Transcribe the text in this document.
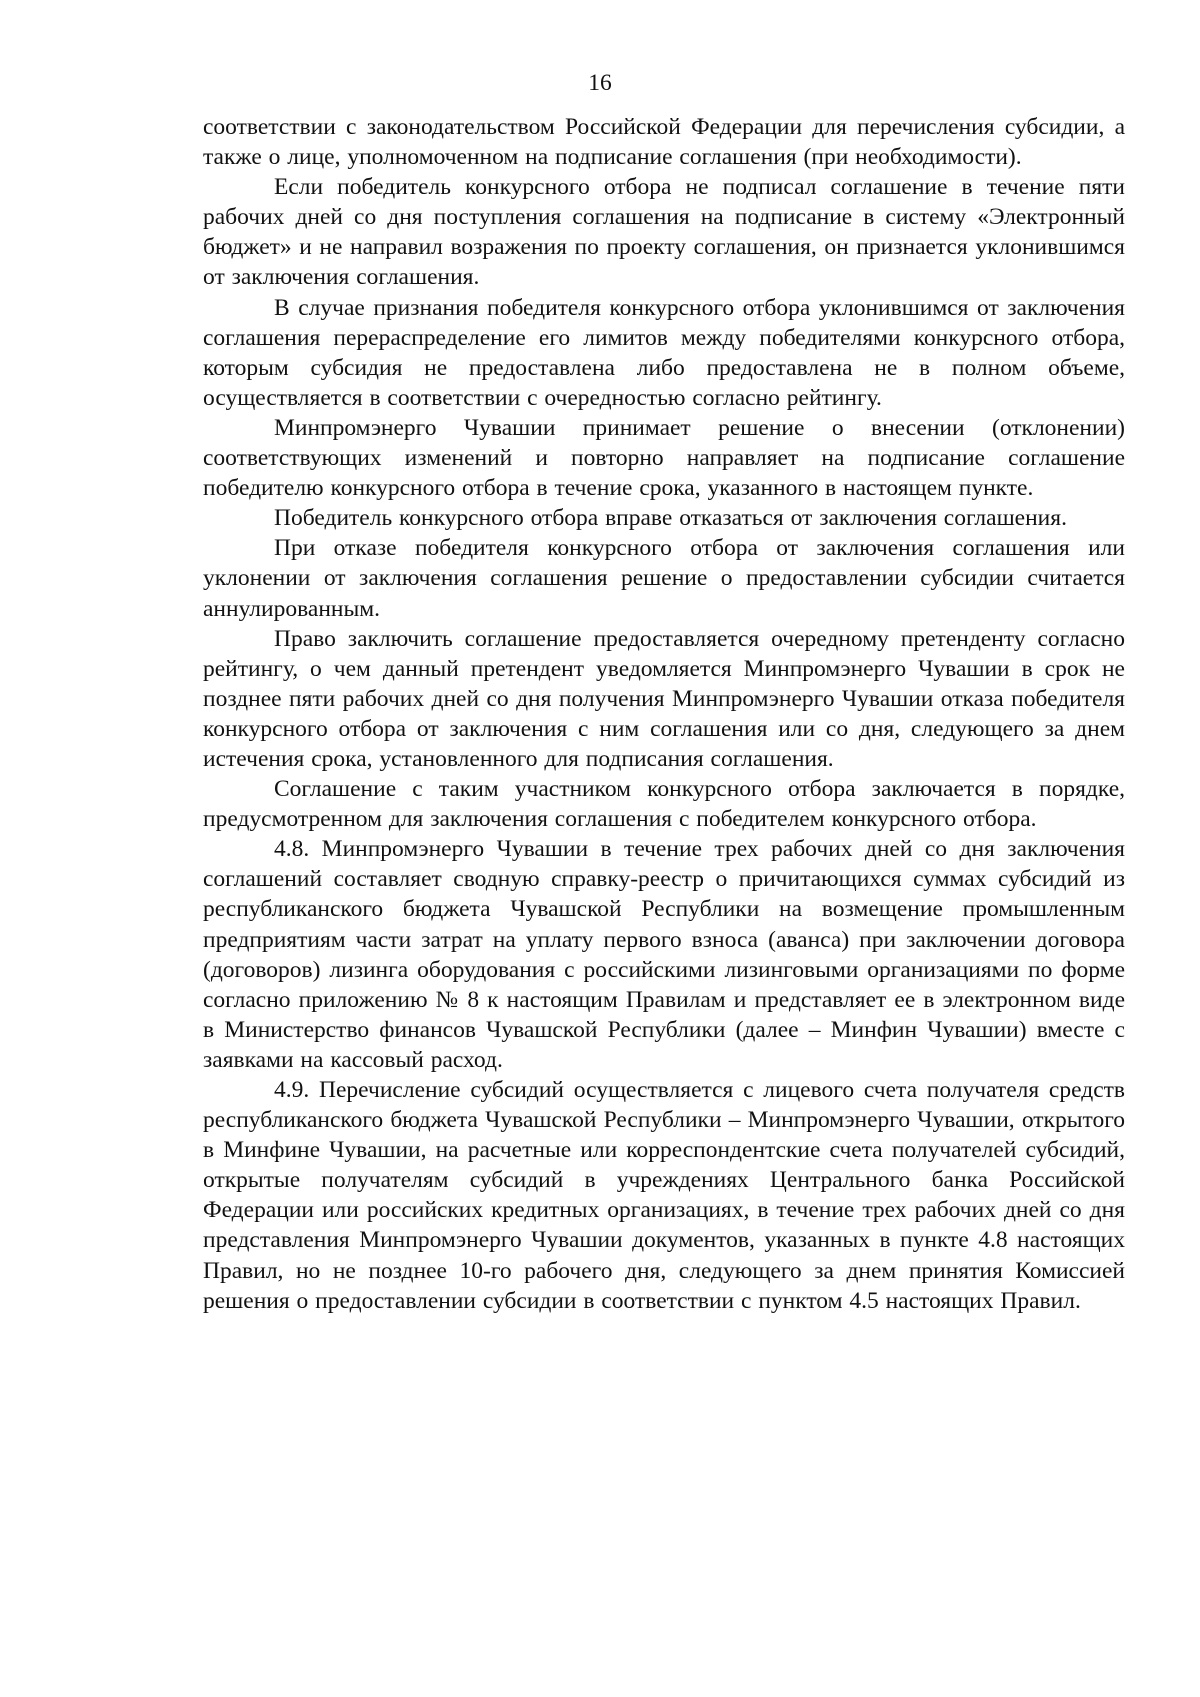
16

соответствии с законодательством Российской Федерации для перечисления субсидии, а также о лице, уполномоченном на подписание соглашения (при необходимости).

Если победитель конкурсного отбора не подписал соглашение в течение пяти рабочих дней со дня поступления соглашения на подписание в систему «Электронный бюджет» и не направил возражения по проекту соглашения, он признается уклонившимся от заключения соглашения.

В случае признания победителя конкурсного отбора уклонившимся от заключения соглашения перераспределение его лимитов между победителями конкурсного отбора, которым субсидия не предоставлена либо предоставлена не в полном объеме, осуществляется в соответствии с очередностью согласно рейтингу.

Минпромэнерго Чувашии принимает решение о внесении (отклонении) соответствующих изменений и повторно направляет на подписание соглашение победителю конкурсного отбора в течение срока, указанного в настоящем пункте.

Победитель конкурсного отбора вправе отказаться от заключения соглашения.

При отказе победителя конкурсного отбора от заключения соглашения или уклонении от заключения соглашения решение о предоставлении субсидии считается аннулированным.

Право заключить соглашение предоставляется очередному претенденту согласно рейтингу, о чем данный претендент уведомляется Минпромэнерго Чувашии в срок не позднее пяти рабочих дней со дня получения Минпромэнерго Чувашии отказа победителя конкурсного отбора от заключения с ним соглашения или со дня, следующего за днем истечения срока, установленного для подписания соглашения.

Соглашение с таким участником конкурсного отбора заключается в порядке, предусмотренном для заключения соглашения с победителем конкурсного отбора.

4.8. Минпромэнерго Чувашии в течение трех рабочих дней со дня заключения соглашений составляет сводную справку-реестр о причитающихся суммах субсидий из республиканского бюджета Чувашской Республики на возмещение промышленным предприятиям части затрат на уплату первого взноса (аванса) при заключении договора (договоров) лизинга оборудования с российскими лизинговыми организациями по форме согласно приложению № 8 к настоящим Правилам и представляет ее в электронном виде в Министерство финансов Чувашской Республики (далее – Минфин Чувашии) вместе с заявками на кассовый расход.

4.9. Перечисление субсидий осуществляется с лицевого счета получателя средств республиканского бюджета Чувашской Республики – Минпромэнерго Чувашии, открытого в Минфине Чувашии, на расчетные или корреспондентские счета получателей субсидий, открытые получателям субсидий в учреждениях Центрального банка Российской Федерации или российских кредитных организациях, в течение трех рабочих дней со дня представления Минпромэнерго Чувашии документов, указанных в пункте 4.8 настоящих Правил, но не позднее 10-го рабочего дня, следующего за днем принятия Комиссией решения о предоставлении субсидии в соответствии с пунктом 4.5 настоящих Правил.
